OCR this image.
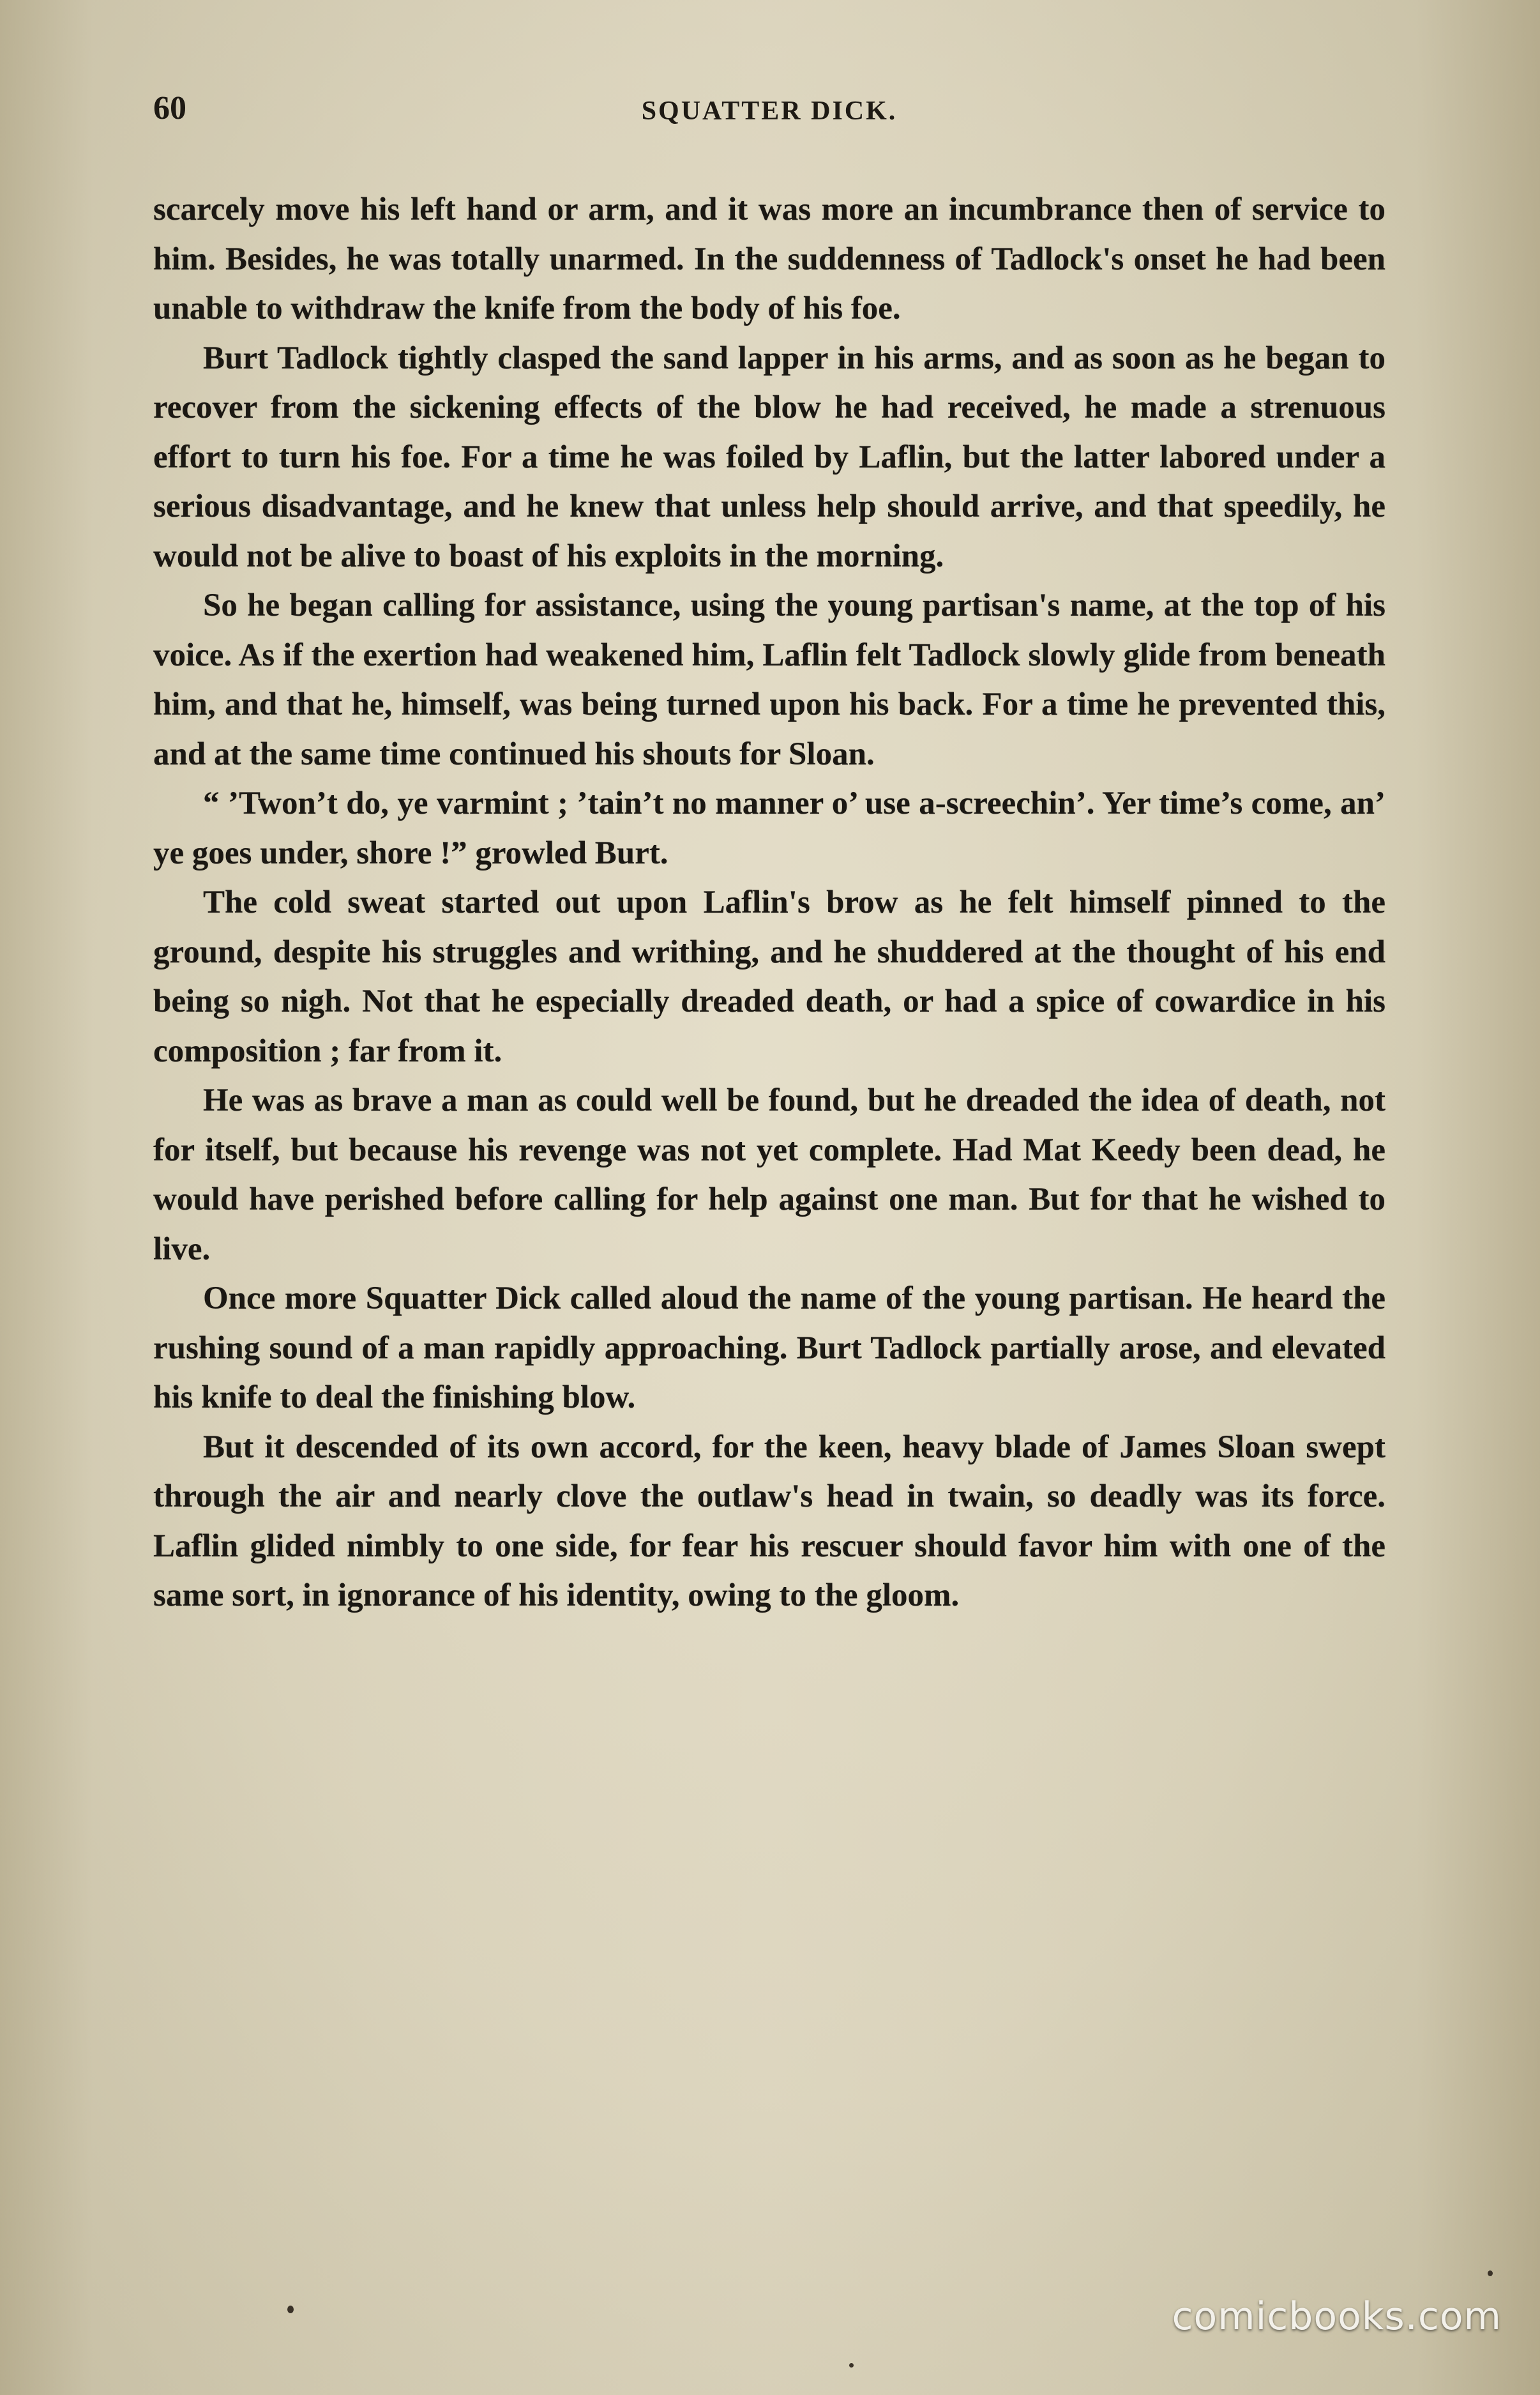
60	SQUATTER DICK.

scarcely move his left hand or arm, and it was more an incumbrance then of service to him. Besides, he was totally unarmed. In the suddenness of Tadlock's onset he had been unable to withdraw the knife from the body of his foe.

Burt Tadlock tightly clasped the sand lapper in his arms, and as soon as he began to recover from the sickening effects of the blow he had received, he made a strenuous effort to turn his foe. For a time he was foiled by Laflin, but the latter labored under a serious disadvantage, and he knew that unless help should arrive, and that speedily, he would not be alive to boast of his exploits in the morning.

So he began calling for assistance, using the young partisan's name, at the top of his voice. As if the exertion had weakened him, Laflin felt Tadlock slowly glide from beneath him, and that he, himself, was being turned upon his back. For a time he prevented this, and at the same time continued his shouts for Sloan.

“ ’Twon’t do, ye varmint ; ’tain’t no manner o’ use a-screechin’. Yer time’s come, an’ ye goes under, shore !” growled Burt.

The cold sweat started out upon Laflin's brow as he felt himself pinned to the ground, despite his struggles and writhing, and he shuddered at the thought of his end being so nigh. Not that he especially dreaded death, or had a spice of cowardice in his composition ; far from it.

He was as brave a man as could well be found, but he dreaded the idea of death, not for itself, but because his revenge was not yet complete. Had Mat Keedy been dead, he would have perished before calling for help against one man. But for that he wished to live.

Once more Squatter Dick called aloud the name of the young partisan. He heard the rushing sound of a man rapidly approaching. Burt Tadlock partially arose, and elevated his knife to deal the finishing blow.

But it descended of its own accord, for the keen, heavy blade of James Sloan swept through the air and nearly clove the outlaw's head in twain, so deadly was its force. Laflin glided nimbly to one side, for fear his rescuer should favor him with one of the same sort, in ignorance of his identity, owing to the gloom.

comicbooks.com
